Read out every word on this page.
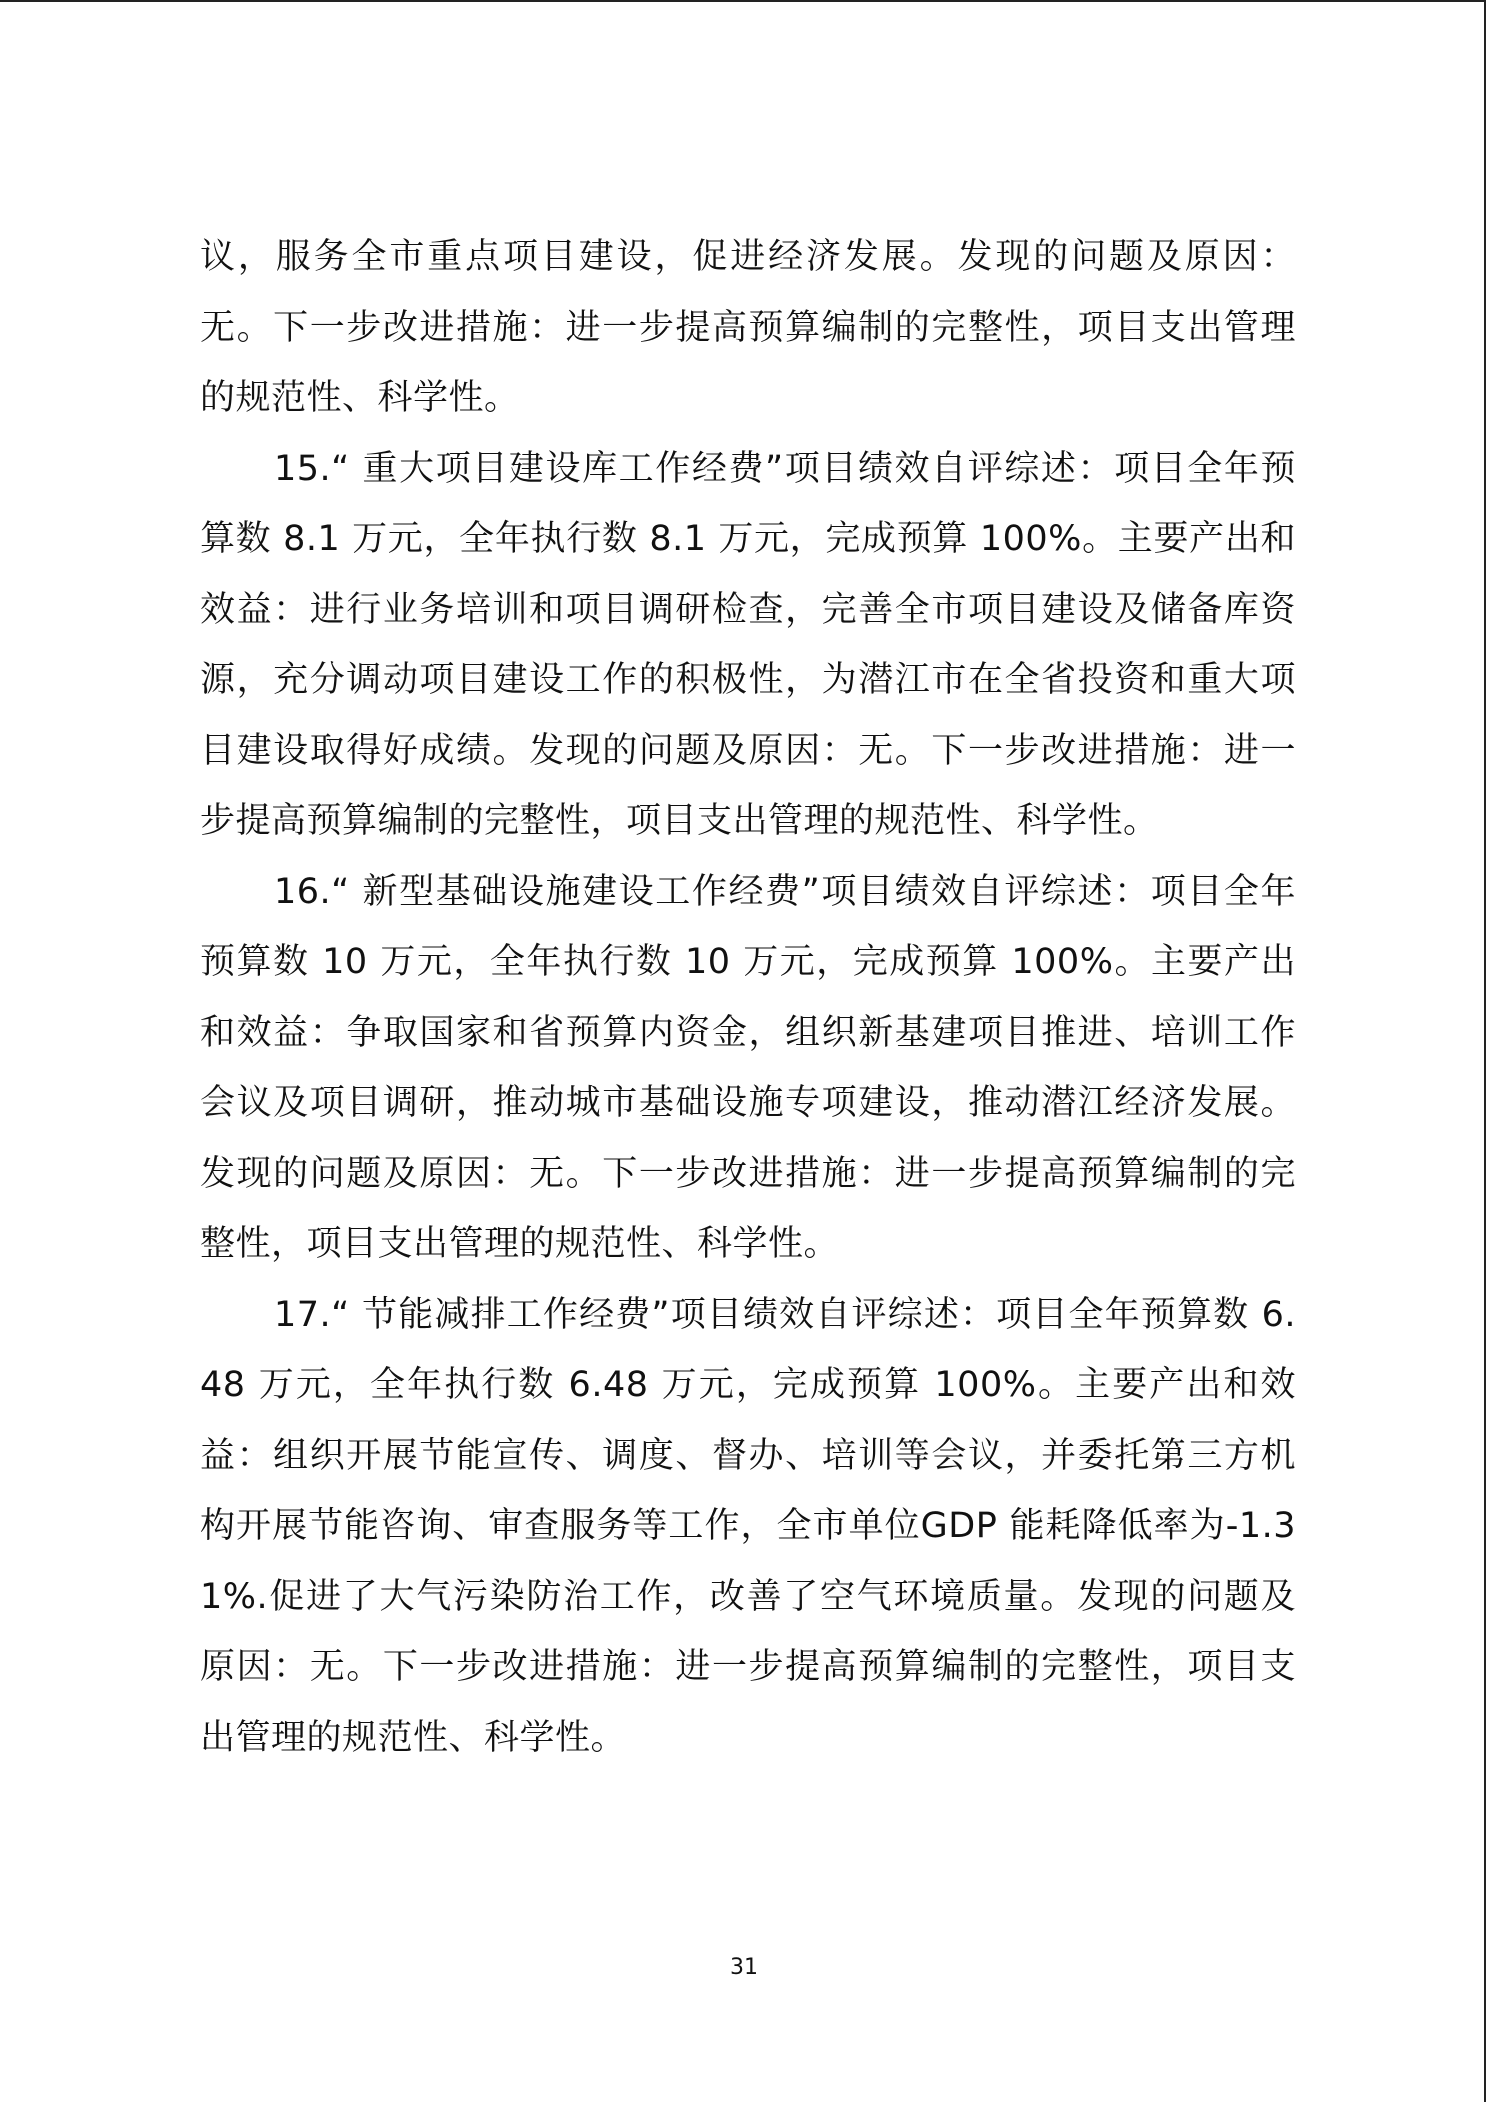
议，服务全市重点项目建设，促进经济发展。发现的问题及原因：无。下一步改进措施：进一步提高预算编制的完整性，项目支出管理的规范性、科学性。

15.“ 重大项目建设库工作经费”项目绩效自评综述：项目全年预算数 8.1 万元，全年执行数 8.1 万元，完成预算 100%。主要产出和效益：进行业务培训和项目调研检查，完善全市项目建设及储备库资源，充分调动项目建设工作的积极性，为潜江市在全省投资和重大项目建设取得好成绩。发现的问题及原因：无。下一步改进措施：进一步提高预算编制的完整性，项目支出管理的规范性、科学性。

16.“ 新型基础设施建设工作经费”项目绩效自评综述：项目全年预算数 10 万元，全年执行数 10 万元，完成预算 100%。主要产出和效益：争取国家和省预算内资金，组织新基建项目推进、培训工作会议及项目调研，推动城市基础设施专项建设，推动潜江经济发展。发现的问题及原因：无。下一步改进措施：进一步提高预算编制的完整性，项目支出管理的规范性、科学性。

17.“ 节能减排工作经费”项目绩效自评综述：项目全年预算数 6.48 万元，全年执行数 6.48 万元，完成预算 100%。主要产出和效益：组织开展节能宣传、调度、督办、培训等会议，并委托第三方机构开展节能咨询、审查服务等工作，全市单位GDP 能耗降低率为-1.31%.促进了大气污染防治工作，改善了空气环境质量。发现的问题及原因：无。下一步改进措施：进一步提高预算编制的完整性，项目支出管理的规范性、科学性。

31
